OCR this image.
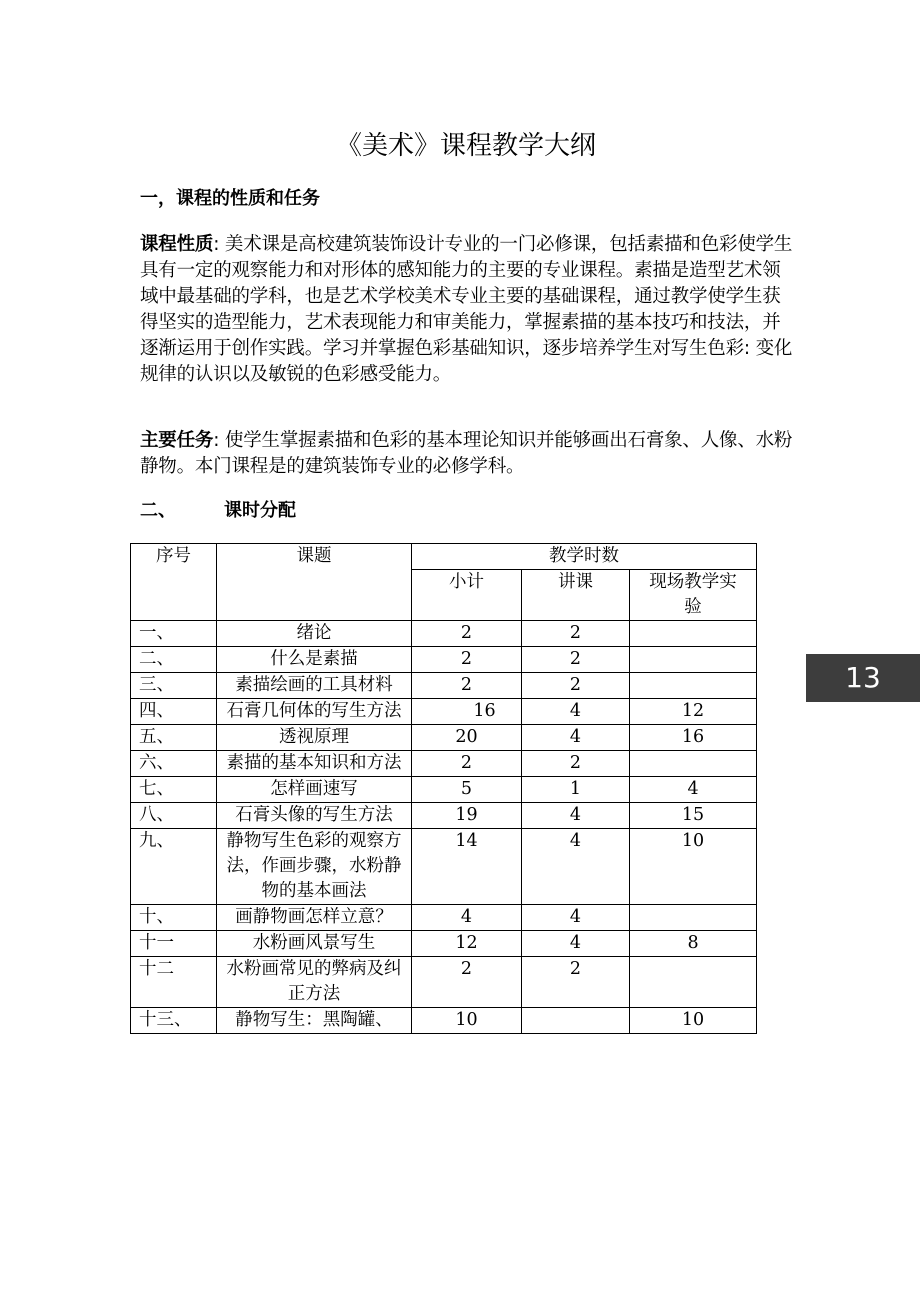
《美术》课程教学大纲
一，课程的性质和任务

课程性质: 美术课是高校建筑装饰设计专业的一门必修课，包括素描和色彩使学生具有一定的观察能力和对形体的感知能力的主要的专业课程。素描是造型艺术领域中最基础的学科，也是艺术学校美术专业主要的基础课程，通过教学使学生获得坚实的造型能力，艺术表现能力和审美能力，掌握素描的基本技巧和技法，并逐渐运用于创作实践。学习并掌握色彩基础知识，逐步培养学生对写生色彩: 变化规律的认识以及敏锐的色彩感受能力。

主要任务: 使学生掌握素描和色彩的基本理论知识并能够画出石膏象、人像、水粉静物。本门课程是的建筑装饰专业的必修学科。

二、	课时分配
13
序号	课题	教学时数		
		小计	讲课	现场教学实验
一、	绪论	2	2	
二、	什么是素描	2	2	
三、	素描绘画的工具材料	2	2	
四、	石膏几何体的写生方法	16	4	12
五、	透视原理	20	4	16
六、	素描的基本知识和方法	2	2	
七、	怎样画速写	5	1	4
八、	石膏头像的写生方法	19	4	15
九、	静物写生色彩的观察方法，作画步骤，水粉静物的基本画法	14	4	10
十、	画静物画怎样立意？	4	4	
十一	水粉画风景写生	12	4	8
十二	水粉画常见的弊病及纠正方法	2	2	
十三、	静物写生：黑陶罐、	10		10
